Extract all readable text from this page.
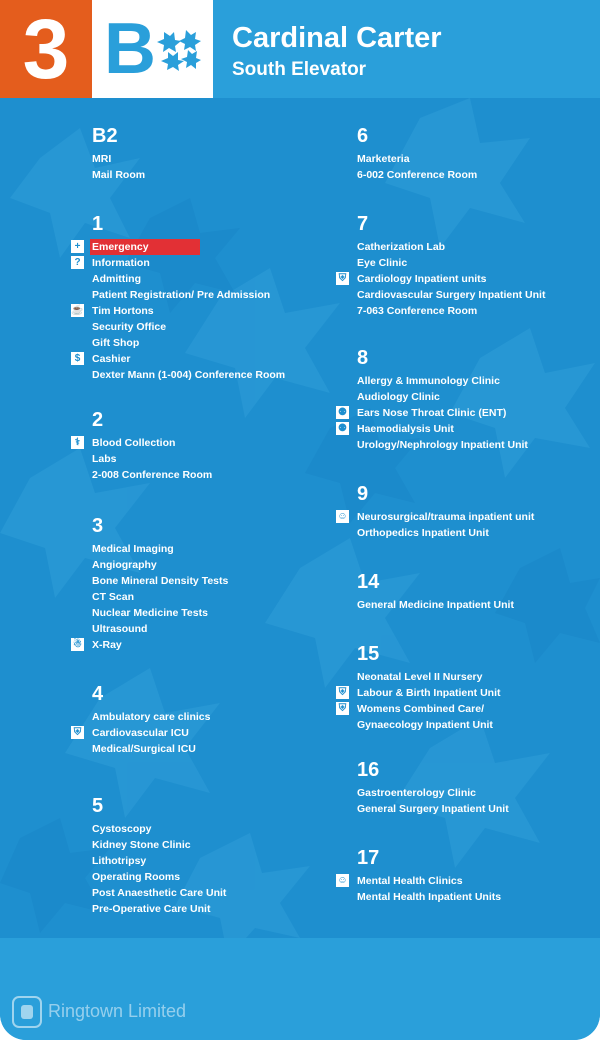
3 B	Cardinal Carter
South Elevator
B2
MRI
Mail Room
1
+	Emergency
?	Information
Admitting
Patient Registration/ Pre Admission
☕ Tim Hortons
Security Office
Gift Shop
$	Cashier
Dexter Mann (1-004) Conference Room
2
⚕	Blood Collection
Labs
2-008 Conference Room
3
Medical Imaging
Angiography
Bone Mineral Density Tests
CT Scan
Nuclear Medicine Tests
Ultrasound
☃ X-Ray
4
Ambulatory care clinics
⛨ Cardiovascular ICU
Medical/Surgical ICU
5
Cystoscopy
Kidney Stone Clinic
Lithotripsy
Operating Rooms
Post Anaesthetic Care Unit
Pre-Operative Care Unit
6
Marketeria
6-002 Conference Room
7
Catherization Lab
Eye Clinic
⛨ Cardiology Inpatient units
Cardiovascular Surgery Inpatient Unit
7-063 Conference Room
8
Allergy & Immunology Clinic
Audiology Clinic
⚉ Ears Nose Throat Clinic (ENT)
⚉ Haemodialysis Unit
Urology/Nephrology Inpatient Unit
9
☺ Neurosurgical/trauma inpatient unit
Orthopedics Inpatient Unit
14
General Medicine Inpatient Unit
15
Neonatal Level II Nursery
⛨ Labour & Birth Inpatient Unit
⛨ Womens Combined Care/
Gynaecology Inpatient Unit
16
Gastroenterology Clinic
General Surgery Inpatient Unit
17
☺ Mental Health Clinics
Mental Health Inpatient Units
Ringtown Limited
